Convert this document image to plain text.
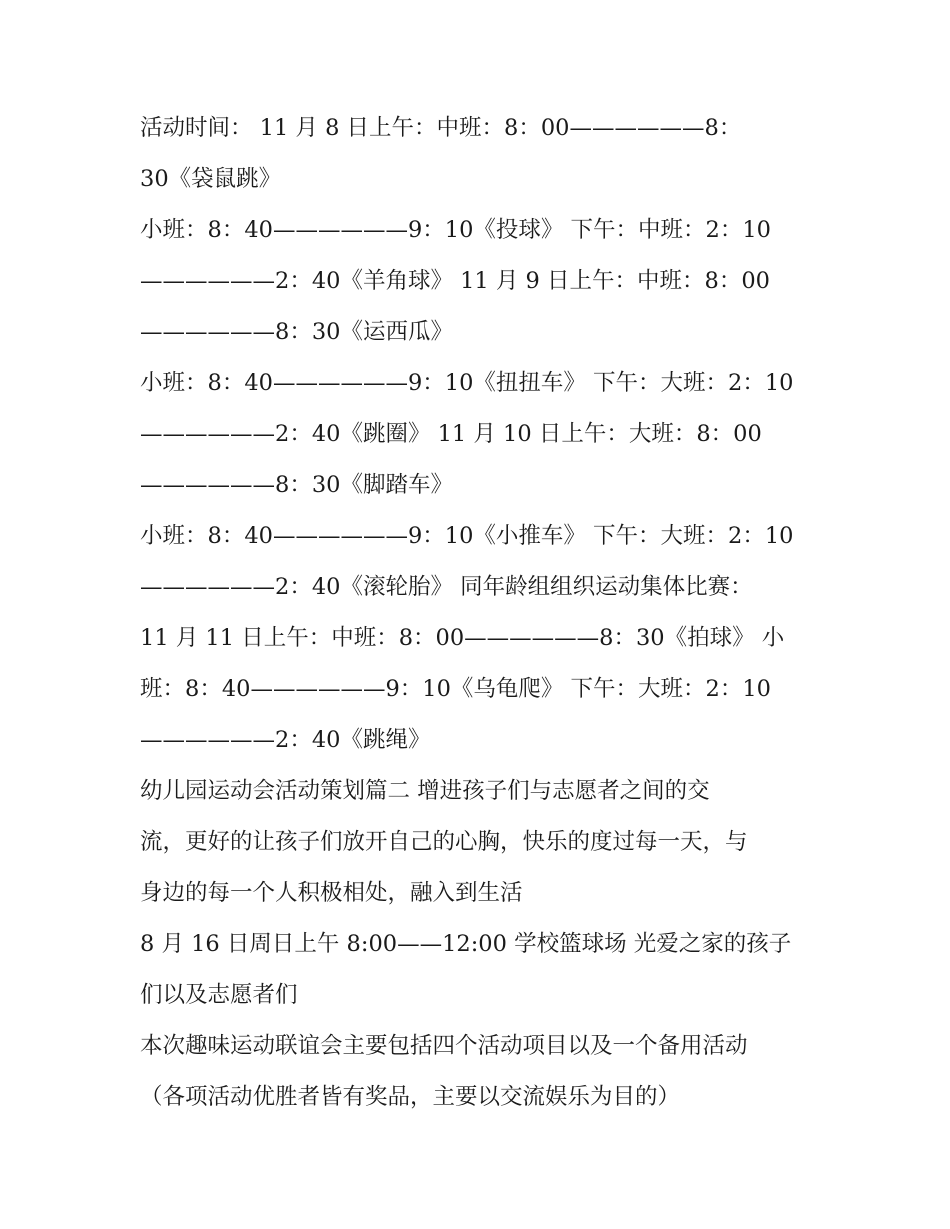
活动时间： 11 月 8 日上午：中班：8：00——————8：
30《袋鼠跳》
小班：8：40——————9：10《投球》 下午：中班：2：10
——————2：40《羊角球》 11 月 9 日上午：中班：8：00
——————8：30《运西瓜》
小班：8：40——————9：10《扭扭车》 下午：大班：2：10
——————2：40《跳圈》 11 月 10 日上午：大班：8：00
——————8：30《脚踏车》
小班：8：40——————9：10《小推车》 下午：大班：2：10
——————2：40《滚轮胎》 同年龄组组织运动集体比赛：
11 月 11 日上午：中班：8：00——————8：30《拍球》 小
班：8：40——————9：10《乌龟爬》 下午：大班：2：10
——————2：40《跳绳》
幼儿园运动会活动策划篇二 增进孩子们与志愿者之间的交
流，更好的让孩子们放开自己的心胸，快乐的度过每一天，与
身边的每一个人积极相处，融入到生活
8 月 16 日周日上午 8:00——12:00 学校篮球场 光爱之家的孩子
们以及志愿者们
本次趣味运动联谊会主要包括四个活动项目以及一个备用活动
（各项活动优胜者皆有奖品，主要以交流娱乐为目的）
